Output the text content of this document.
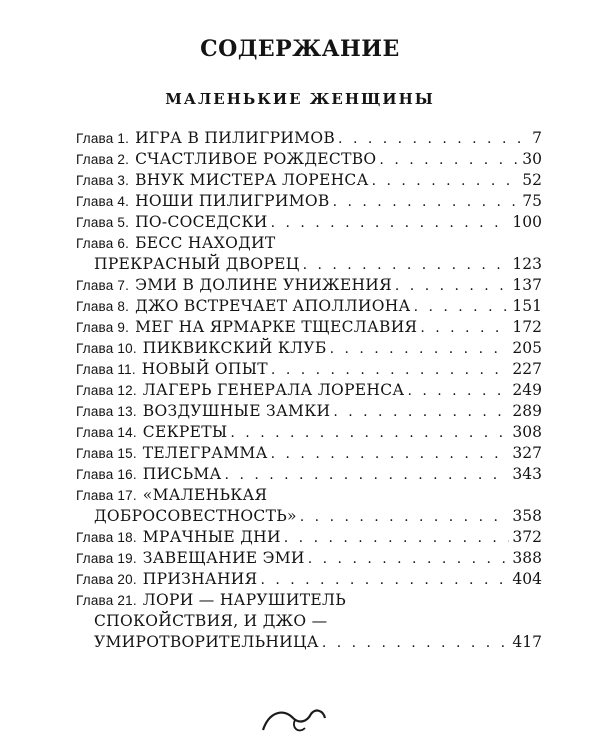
СОДЕРЖАНИЕ
МАЛЕНЬКИЕ ЖЕНЩИНЫ
Глава 1. ИГРА В ПИЛИГРИМОВ . . .	7
Глава 2. СЧАСТЛИВОЕ РОЖДЕСТВО . . .	30
Глава 3. ВНУК МИСТЕРА ЛОРЕНСА . . .	52
Глава 4. НОШИ ПИЛИГРИМОВ . . .	75
Глава 5. ПО-СОСЕДСКИ . . .	100
Глава 6. БЕСС НАХОДИТ
ПРЕКРАСНЫЙ ДВОРЕЦ . . .	123
Глава 7. ЭМИ В ДОЛИНЕ УНИЖЕНИЯ . . .	137
Глава 8. ДЖО ВСТРЕЧАЕТ АПОЛЛИОНА . . .	151
Глава 9. МЕГ НА ЯРМАРКЕ ТЩЕСЛАВИЯ . . .	172
Глава 10. ПИКВИКСКИЙ КЛУБ . . .	205
Глава 11. НОВЫЙ ОПЫТ . . .	227
Глава 12. ЛАГЕРЬ ГЕНЕРАЛА ЛОРЕНСА . . .	249
Глава 13. ВОЗДУШНЫЕ ЗАМКИ . . .	289
Глава 14. СЕКРЕТЫ . . .	308
Глава 15. ТЕЛЕГРАММА . . .	327
Глава 16. ПИСЬМА . . .	343
Глава 17. «МАЛЕНЬКАЯ
ДОБРОСОВЕСТНОСТЬ» . . .	358
Глава 18. МРАЧНЫЕ ДНИ . . .	372
Глава 19. ЗАВЕЩАНИЕ ЭМИ . . .	388
Глава 20. ПРИЗНАНИЯ . . .	404
Глава 21. ЛОРИ — НАРУШИТЕЛЬ
СПОКОЙСТВИЯ, И ДЖО —
УМИРОТВОРИТЕЛЬНИЦА . . .	417
